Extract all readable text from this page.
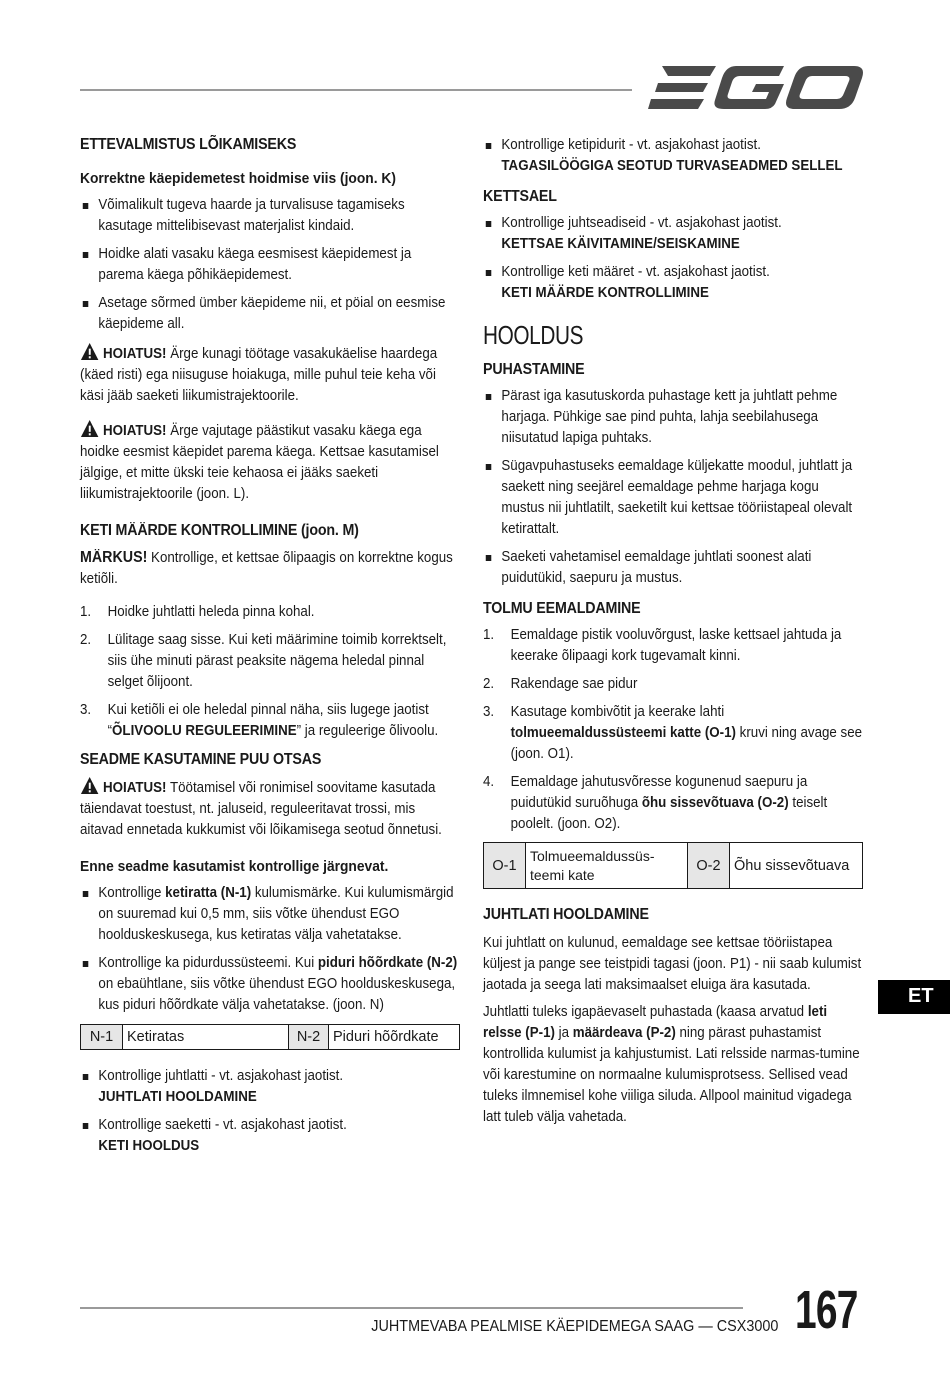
ETTEVALMISTUS LÕIKAMISEKS
Korrektne käepidemetest hoidmise viis (joon. K)
Võimalikult tugeva haarde ja turvalisuse tagamiseks kasutage mittelibisevast materjalist kindaid.
Hoidke alati vasaku käega eesmisest käepidemest ja parema käega põhikäepidemest.
Asetage sõrmed ümber käepideme nii, et pöial on eesmise käepideme all.
HOIATUS! Ärge kunagi töötage vasakukäelise haardega (käed risti) ega niisuguse hoiakuga, mille puhul teie keha või käsi jääb saeketi liikumistrajektoorile.
HOIATUS! Ärge vajutage päästikut vasaku käega ega hoidke eesmist käepidet parema käega. Kettsae kasutamisel jälgige, et mitte ükski teie kehaosa ei jääks saeketi liikumistrajektoorile (joon. L).
KETI MÄÄRDE KONTROLLIMINE (joon. M)
MÄRKUS! Kontrollige, et kettsae õlipaagis on korrektne kogus ketiõli.
1. Hoidke juhtlatti heleda pinna kohal.
2. Lülitage saag sisse. Kui keti määrimine toimib korrektselt, siis ühe minuti pärast peaksite nägema heledal pinnal selget õlijoont.
3. Kui ketiõli ei ole heledal pinnal näha, siis lugege jaotist “ÕLIVOOLU REGULEERIMINE” ja reguleerige õlivoolu.
SEADME KASUTAMINE PUU OTSAS
HOIATUS! Töötamisel või ronimisel soovitame kasutada täiendavat toestust, nt. jaluseid, reguleeritavat trossi, mis aitavad ennetada kukkumist või lõikamisega seotud õnnetusi.
Enne seadme kasutamist kontrollige järgnevat.
Kontrollige ketiratta (N-1) kulumismärke. Kui kulumismärgid on suuremad kui 0,5 mm, siis võtke ühendust EGO hoolduskeskusega, kus ketiratas välja vahetatakse.
Kontrollige ka pidurdussüsteemi. Kui piduri hõõrdkate (N-2) on ebaühtlane, siis võtke ühendust EGO hoolduskeskusega, kus piduri hõõrdkate välja vahetatakse. (joon. N)
N-1	Ketiratas	N-2	Piduri hõõrdkate
Kontrollige juhtlatti - vt. asjakohast jaotist.
JUHTLATI HOOLDAMINE
Kontrollige saeketti - vt. asjakohast jaotist.
KETI HOOLDUS
Kontrollige ketipidurit - vt. asjakohast jaotist.
TAGASILÖÖGIGA SEOTUD TURVASEADMED SELLEL
KETTSAEL
Kontrollige juhtseadiseid - vt. asjakohast jaotist.
KETTSAE KÄIVITAMINE/SEISKAMINE
Kontrollige keti määret - vt. asjakohast jaotist.
KETI MÄÄRDE KONTROLLIMINE
HOOLDUS
PUHASTAMINE
Pärast iga kasutuskorda puhastage kett ja juhtlatt pehme harjaga. Pühkige sae pind puhta, lahja seebilahusega niisutatud lapiga puhtaks.
Sügavpuhastuseks eemaldage küljekatte moodul, juhtlatt ja saekett ning seejärel eemaldage pehme harjaga kogu mustus nii juhtlatilt, saeketilt kui kettsae tööriistapeal olevalt ketirattalt.
Saeketi vahetamisel eemaldage juhtlati soonest alati puidutükid, saepuru ja mustus.
TOLMU EEMALDAMINE
1. Eemaldage pistik vooluvõrgust, laske kettsael jahtuda ja keerake õlipaagi kork tugevamalt kinni.
2. Rakendage sae pidur
3. Kasutage kombivõtit ja keerake lahti tolmueemaldussüsteemi katte (O-1) kruvi ning avage see (joon. O1).
4. Eemaldage jahutusvõresse kogunenud saepuru ja puidutükid suruõhuga õhu sissevõtuava (O-2) teiselt poolelt. (joon. O2).
O-1	Tolmueemaldussüs-teemi kate	O-2	Õhu sissevõtuava
JUHTLATI HOOLDAMINE
Kui juhtlatt on kulunud, eemaldage see kettsae tööriistapea küljest ja pange see teistpidi tagasi (joon. P1) - nii saab kulumist jaotada ja seega lati maksimaalset eluiga ära kasutada.
Juhtlatti tuleks igapäevaselt puhastada (kaasa arvatud leti relsse (P-1) ja määrdeava (P-2) ning pärast puhastamist kontrollida kulumist ja kahjustumist. Lati relsside narmas-tumine või karestumine on normaalne kulumisprotsess. Sellised vead tuleks ilmnemisel kohe viiliga siluda. Allpool mainitud vigadega latt tuleb välja vahetada.
ET
JUHTMEVABA PEALMISE KÄEPIDEMEGA SAAG — CSX3000 167
